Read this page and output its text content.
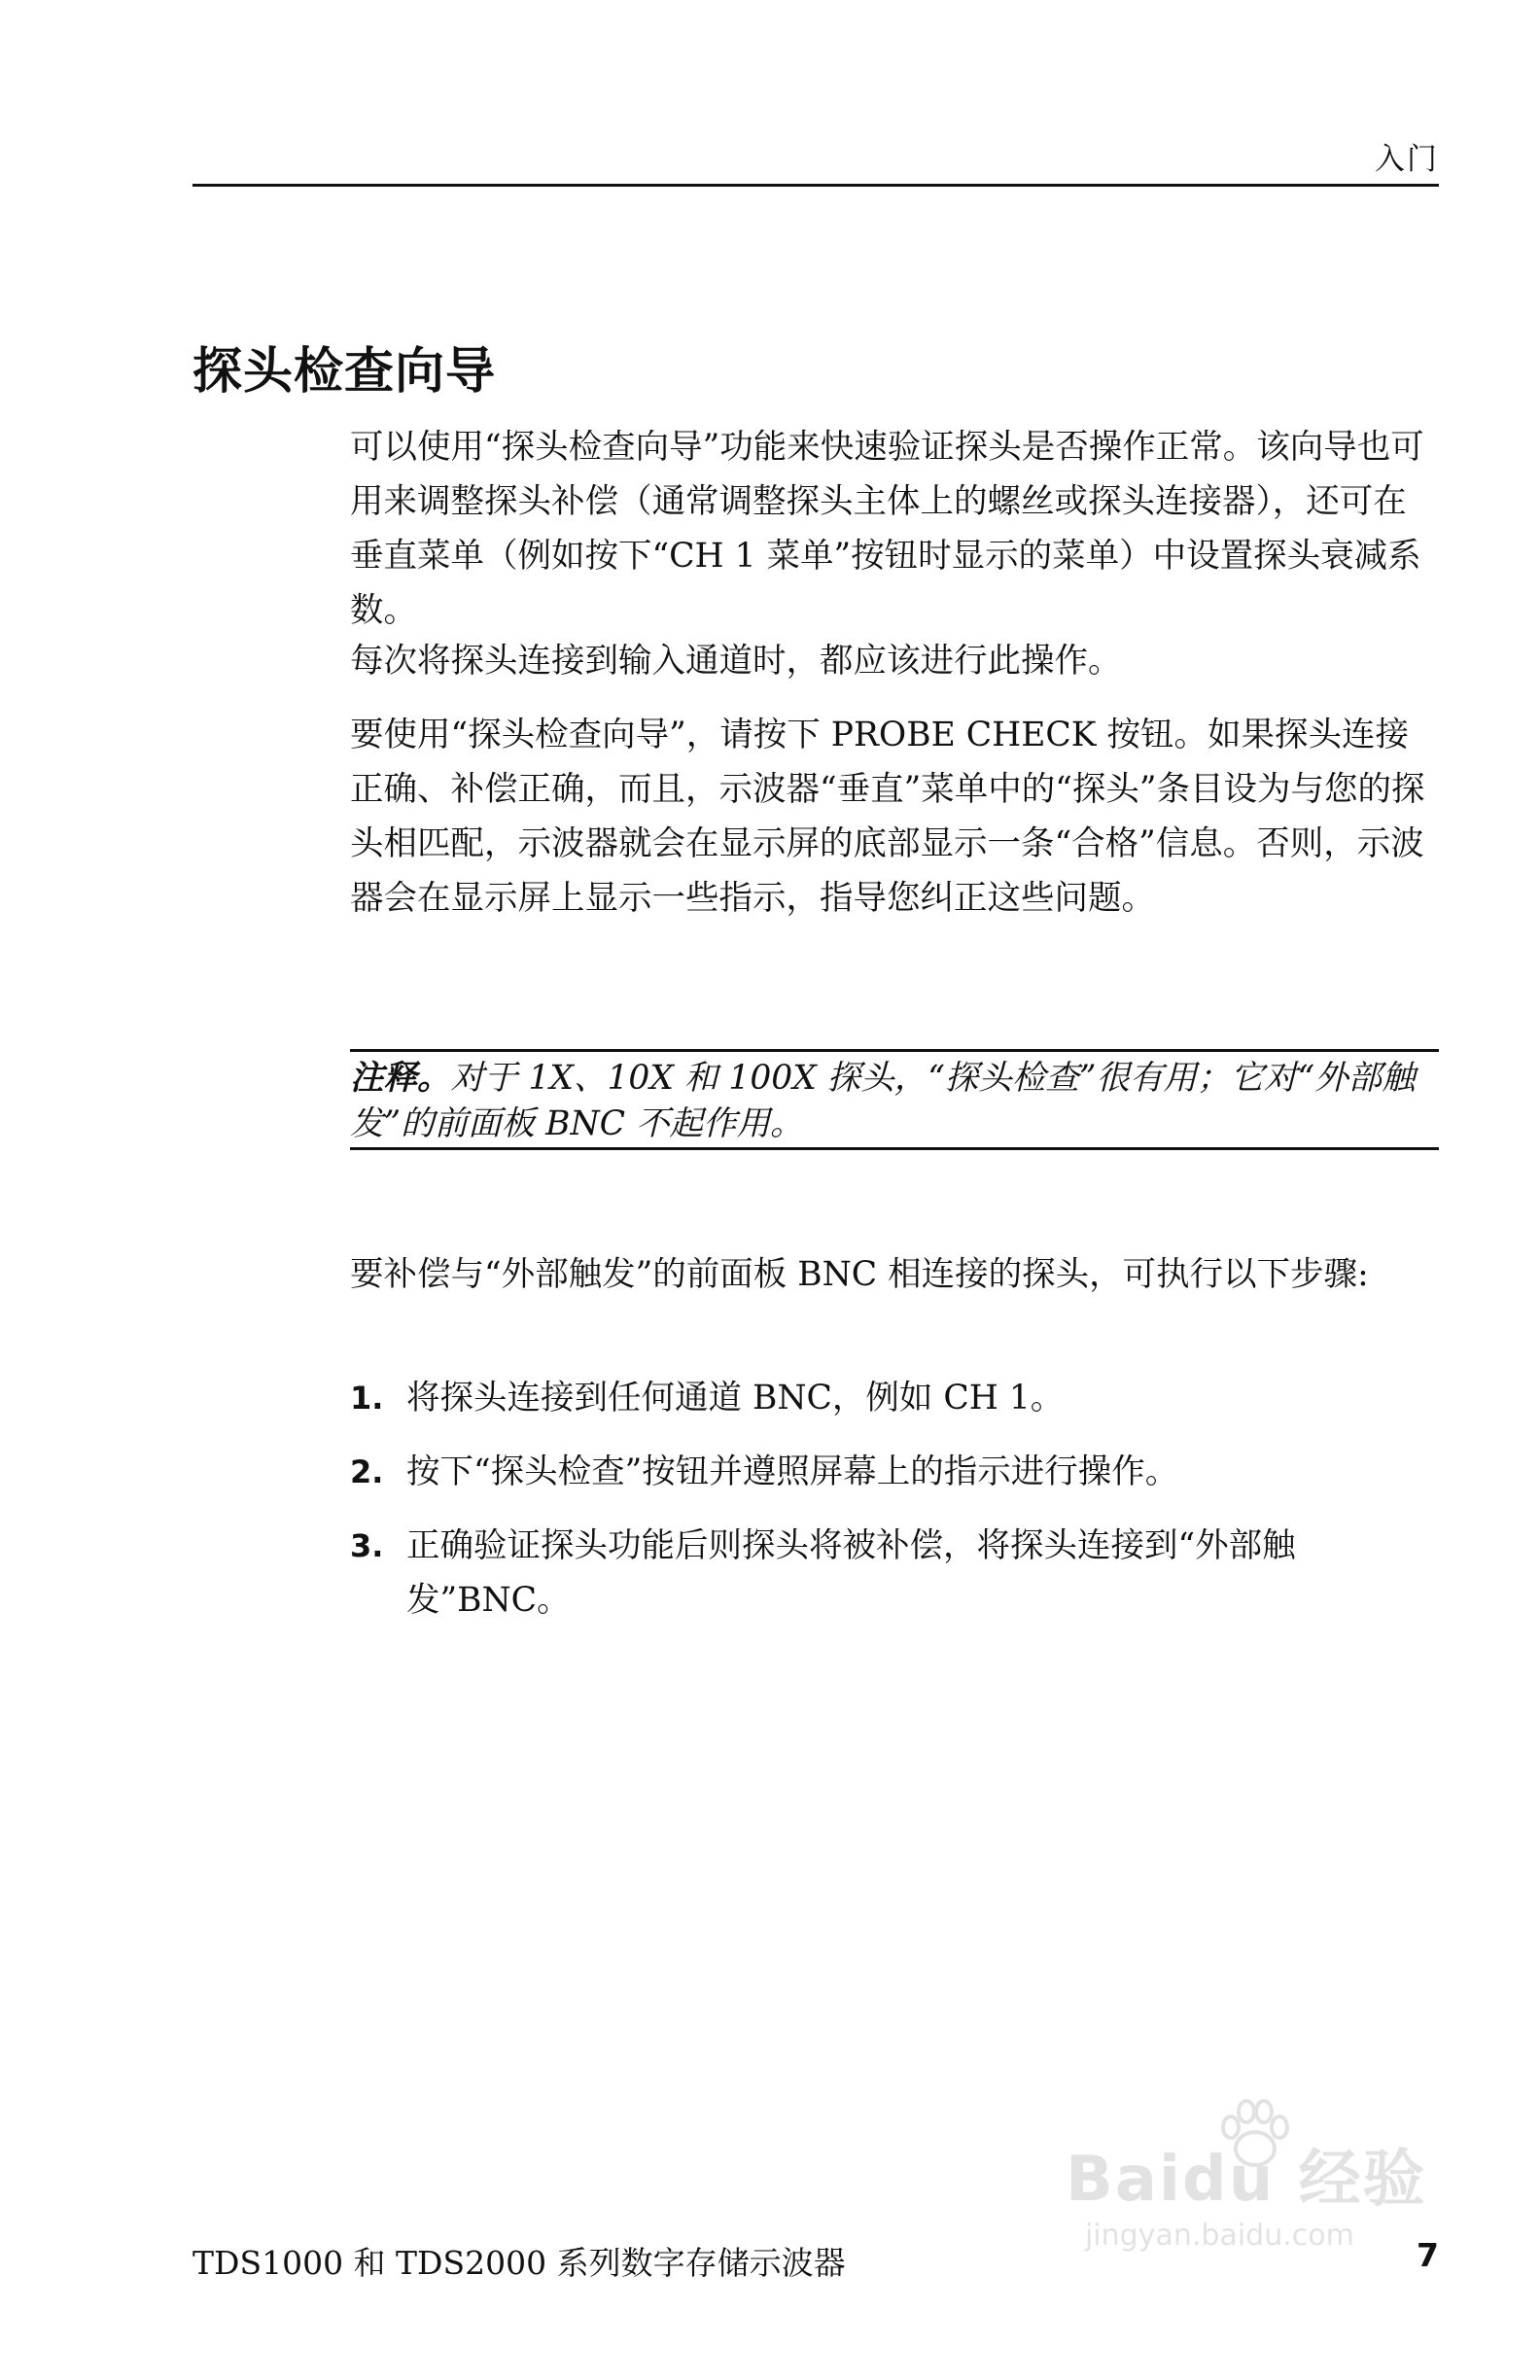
入门
探头检查向导

可以使用“探头检查向导”功能来快速验证探头是否操作正常。该向导也可用来调整探头补偿（通常调整探头主体上的螺丝或探头连接器），还可在垂直菜单（例如按下“CH 1 菜单”按钮时显示的菜单）中设置探头衰减系数。

每次将探头连接到输入通道时，都应该进行此操作。

要使用“探头检查向导”，请按下 PROBE CHECK 按钮。如果探头连接正确、补偿正确，而且，示波器“垂直”菜单中的“探头”条目设为与您的探头相匹配，示波器就会在显示屏的底部显示一条“合格”信息。否则，示波器会在显示屏上显示一些指示，指导您纠正这些问题。

注释。对于 1X、10X 和 100X 探头，“探头检查”很有用；它对“外部触发”的前面板 BNC 不起作用。

要补偿与“外部触发”的前面板 BNC 相连接的探头，可执行以下步骤:

1. 将探头连接到任何通道 BNC，例如 CH 1。
2. 按下“探头检查”按钮并遵照屏幕上的指示进行操作。
3. 正确验证探头功能后则探头将被补偿，将探头连接到“外部触发”BNC。
Baidu 经验
jingyan.baidu.com
TDS1000 和 TDS2000 系列数字存储示波器	7
